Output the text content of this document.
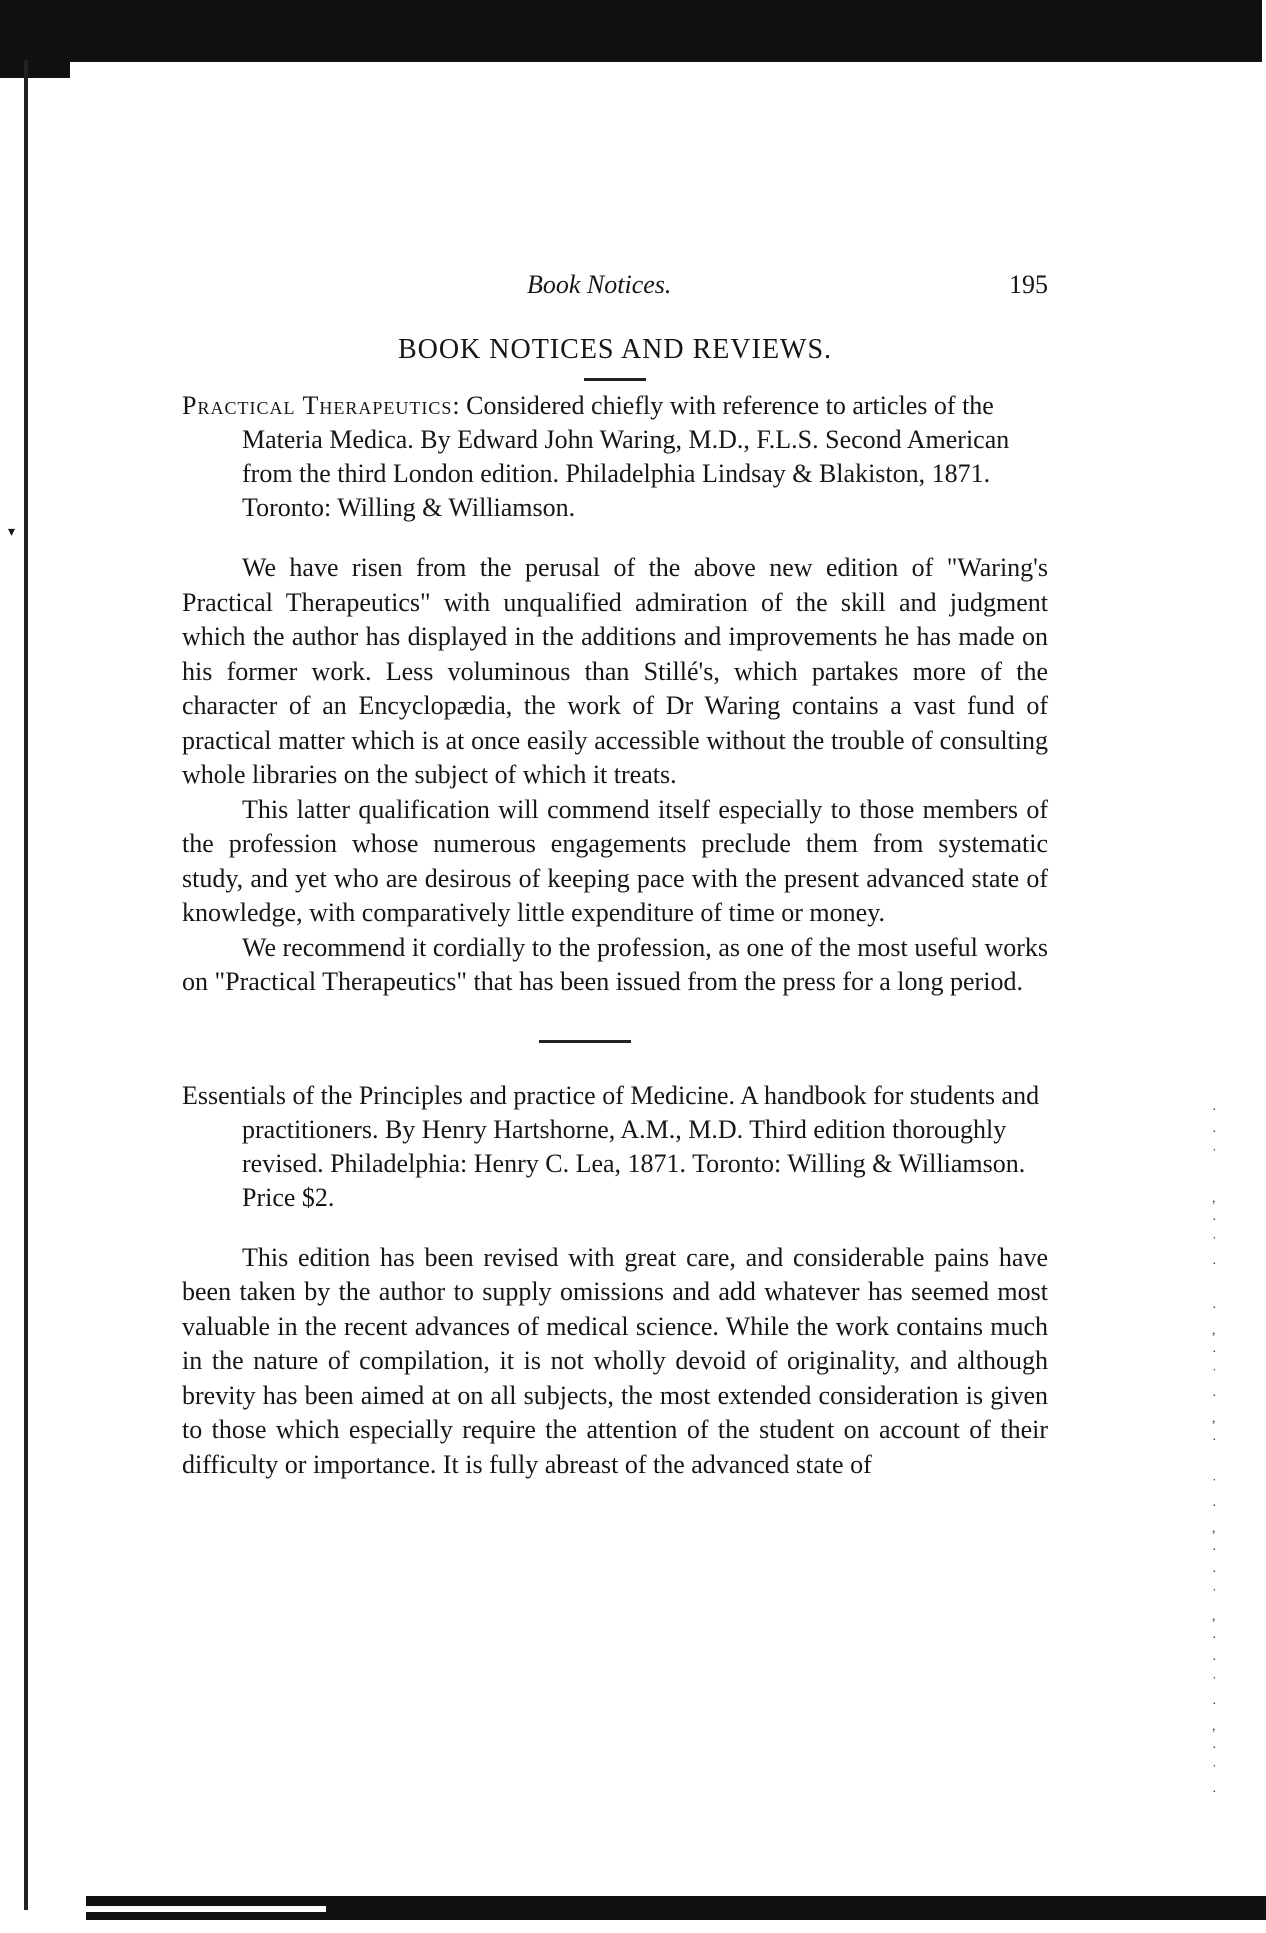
▾
·
·
˙

,
·
˙
·

·
,
·
˙
·
,
·

˙
·
,
·
·
˙
,
·
·
˙
·
,
·
˙
·
Book Notices.	195
BOOK NOTICES AND REVIEWS.
Practical Therapeutics: Considered chiefly with reference to articles of the Materia Medica. By Edward John Waring, M.D., F.L.S. Second American from the third London edition. Philadelphia Lindsay & Blakiston, 1871. Toronto: Willing & Williamson.

We have risen from the perusal of the above new edition of "Waring's Practical Therapeutics" with unqualified admiration of the skill and judgment which the author has displayed in the additions and improvements he has made on his former work. Less voluminous than Stillé's, which partakes more of the character of an Encyclopædia, the work of Dr Waring contains a vast fund of practical matter which is at once easily accessible without the trouble of consulting whole libraries on the subject of which it treats.

This latter qualification will commend itself especially to those members of the profession whose numerous engagements preclude them from systematic study, and yet who are desirous of keeping pace with the present advanced state of knowledge, with comparatively little expenditure of time or money.

We recommend it cordially to the profession, as one of the most useful works on "Practical Therapeutics" that has been issued from the press for a long period.

Essentials of the Principles and practice of Medicine. A handbook for students and practitioners. By Henry Hartshorne, A.M., M.D. Third edition thoroughly revised. Philadelphia: Henry C. Lea, 1871. Toronto: Willing & Williamson. Price $2.

This edition has been revised with great care, and considerable pains have been taken by the author to supply omissions and add whatever has seemed most valuable in the recent advances of medical science. While the work contains much in the nature of compilation, it is not wholly devoid of originality, and although brevity has been aimed at on all subjects, the most extended consideration is given to those which especially require the attention of the student on account of their difficulty or importance. It is fully abreast of the advanced state of
